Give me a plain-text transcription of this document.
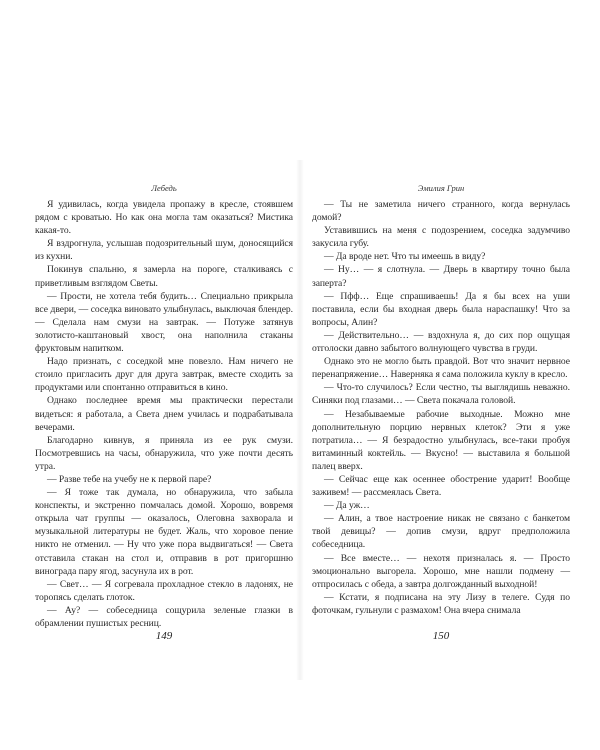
Лебедь

Я удивилась, когда увидела пропажу в кресле, стоявшем рядом с кроватью. Но как она могла там оказаться? Мистика какая-то.

Я вздрогнула, услышав подозрительный шум, доносящийся из кухни.

Покинув спальню, я замерла на пороге, сталкиваясь с приветливым взглядом Светы.

— Прости, не хотела тебя будить… Специально прикрыла все двери, — соседка виновато улыбнулась, выключая блендер. — Сделала нам смузи на завтрак. — Потуже затянув золотисто-каштановый хвост, она наполнила стаканы фруктовым напитком.

Надо признать, с соседкой мне повезло. Нам ничего не стоило пригласить друг для друга завтрак, вместе сходить за продуктами или спонтанно отправиться в кино.

Однако последнее время мы практически перестали видеться: я работала, а Света днем училась и подрабатывала вечерами.

Благодарно кивнув, я приняла из ее рук смузи. Посмотревшись на часы, обнаружила, что уже почти десять утра.

— Разве тебе на учебу не к первой паре?

— Я тоже так думала, но обнаружила, что забыла конспекты, и экстренно помчалась домой. Хорошо, вовремя открыла чат группы — оказалось, Олеговна захворала и музыкальной литературы не будет. Жаль, что хоровое пение никто не отменил. — Ну что уже пора выдвигаться! — Света отставила стакан на стол и, отправив в рот пригоршню винограда пару ягод, засунула их в рот.

— Свет… — Я согревала прохладное стекло в ладонях, не торопясь сделать глоток.

— Ау? — собеседница сощурила зеленые глазки в обрамлении пушистых ресниц.

149
Эмилия Грин

— Ты не заметила ничего странного, когда вернулась домой?

Уставившись на меня с подозрением, соседка задумчиво закусила губу.

— Да вроде нет. Что ты имеешь в виду?

— Ну… — я слотнула. — Дверь в квартиру точно была заперта?

— Пфф… Еще спрашиваешь! Да я бы всех на уши поставила, если бы входная дверь была нараспашку! Что за вопросы, Алин?

— Действительно… — вздохнула я, до сих пор ощущая отголоски давно забытого волнующего чувства в груди.

Однако это не могло быть правдой. Вот что значит нервное перенапряжение… Наверняка я сама положила куклу в кресло.

— Что-то случилось? Если честно, ты выглядишь неважно. Синяки под глазами… — Света покачала головой.

— Незабываемые рабочие выходные. Можно мне дополнительную порцию нервных клеток? Эти я уже потратила… — Я безрадостно улыбнулась, все-таки пробуя витаминный коктейль. — Вкусно! — выставила я большой палец вверх.

— Сейчас еще как осеннее обострение ударит! Вообще заживем! — рассмеялась Света.

— Да уж…

— Алин, а твое настроение никак не связано с банкетом твой девицы? — допив смузи, вдруг предположила собеседница.

— Все вместе… — нехотя призналась я. — Просто эмоционально выгорела. Хорошо, мне нашли подмену — отпросилась с обеда, а завтра долгожданный выходной!

— Кстати, я подписана на эту Лизу в телеге. Судя по фоточкам, гульнули с размахом! Она вчера снимала

150
